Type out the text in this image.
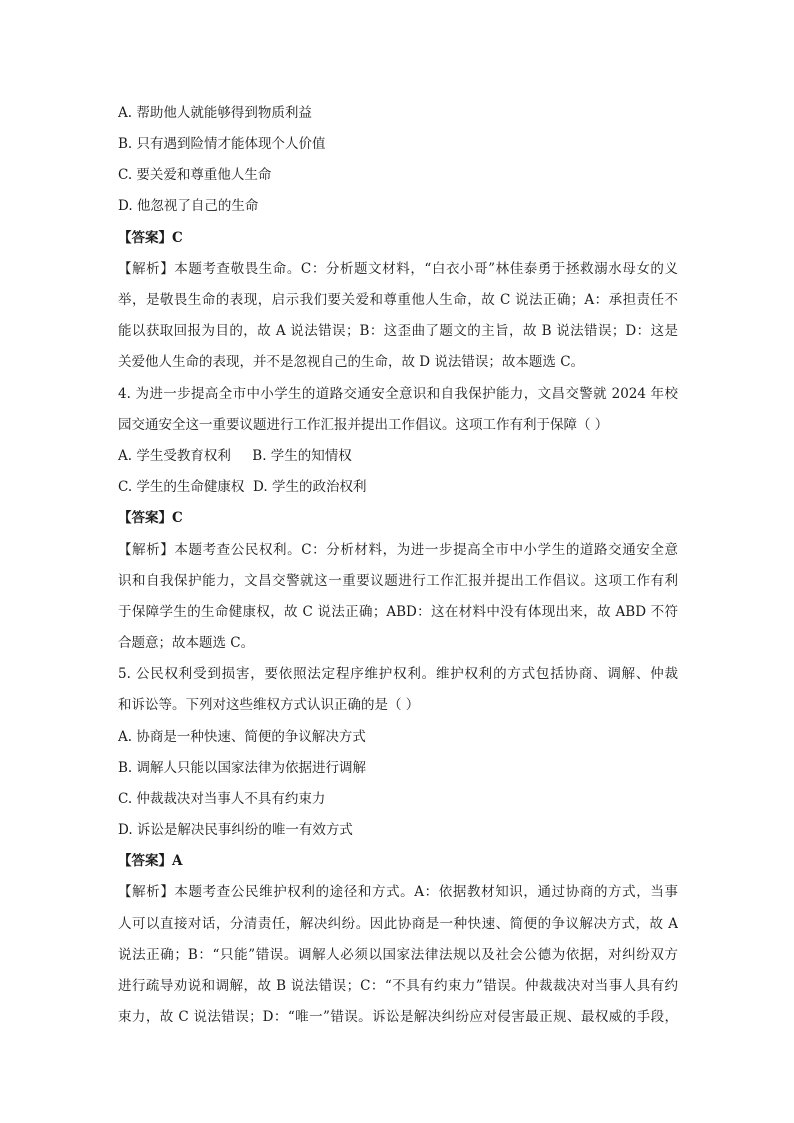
A. 帮助他人就能够得到物质利益
B. 只有遇到险情才能体现个人价值
C. 要关爱和尊重他人生命
D. 他忽视了自己的生命
【答案】C
【解析】本题考查敬畏生命。C：分析题文材料，“白衣小哥”林佳泰勇于拯救溺水母女的义
举，是敬畏生命的表现，启示我们要关爱和尊重他人生命，故 C 说法正确；A：承担责任不
能以获取回报为目的，故 A 说法错误；B：这歪曲了题文的主旨，故 B 说法错误；D：这是
关爱他人生命的表现，并不是忽视自己的生命，故 D 说法错误；故本题选 C。
4. 为进一步提高全市中小学生的道路交通安全意识和自我保护能力，文昌交警就 2024 年校
园交通安全这一重要议题进行工作汇报并提出工作倡议。这项工作有利于保障（ ）
A. 学生受教育权利     B. 学生的知情权
C. 学生的生命健康权  D. 学生的政治权利
【答案】C
【解析】本题考查公民权利。C：分析材料，为进一步提高全市中小学生的道路交通安全意
识和自我保护能力，文昌交警就这一重要议题进行工作汇报并提出工作倡议。这项工作有利
于保障学生的生命健康权，故 C 说法正确；ABD：这在材料中没有体现出来，故 ABD 不符
合题意；故本题选 C。
5. 公民权利受到损害，要依照法定程序维护权利。维护权利的方式包括协商、调解、仲裁
和诉讼等。下列对这些维权方式认识正确的是（ ）
A. 协商是一种快速、简便的争议解决方式
B. 调解人只能以国家法律为依据进行调解
C. 仲裁裁决对当事人不具有约束力
D. 诉讼是解决民事纠纷的唯一有效方式
【答案】A
【解析】本题考查公民维护权利的途径和方式。A：依据教材知识，通过协商的方式，当事
人可以直接对话，分清责任，解决纠纷。因此协商是一种快速、简便的争议解决方式，故 A
说法正确；B：“只能”错误。调解人必须以国家法律法规以及社会公德为依据，对纠纷双方
进行疏导劝说和调解，故 B 说法错误；C：“不具有约束力”错误。仲裁裁决对当事人具有约
束力，故 C 说法错误；D：“唯一”错误。诉讼是解决纠纷应对侵害最正规、最权威的手段，
